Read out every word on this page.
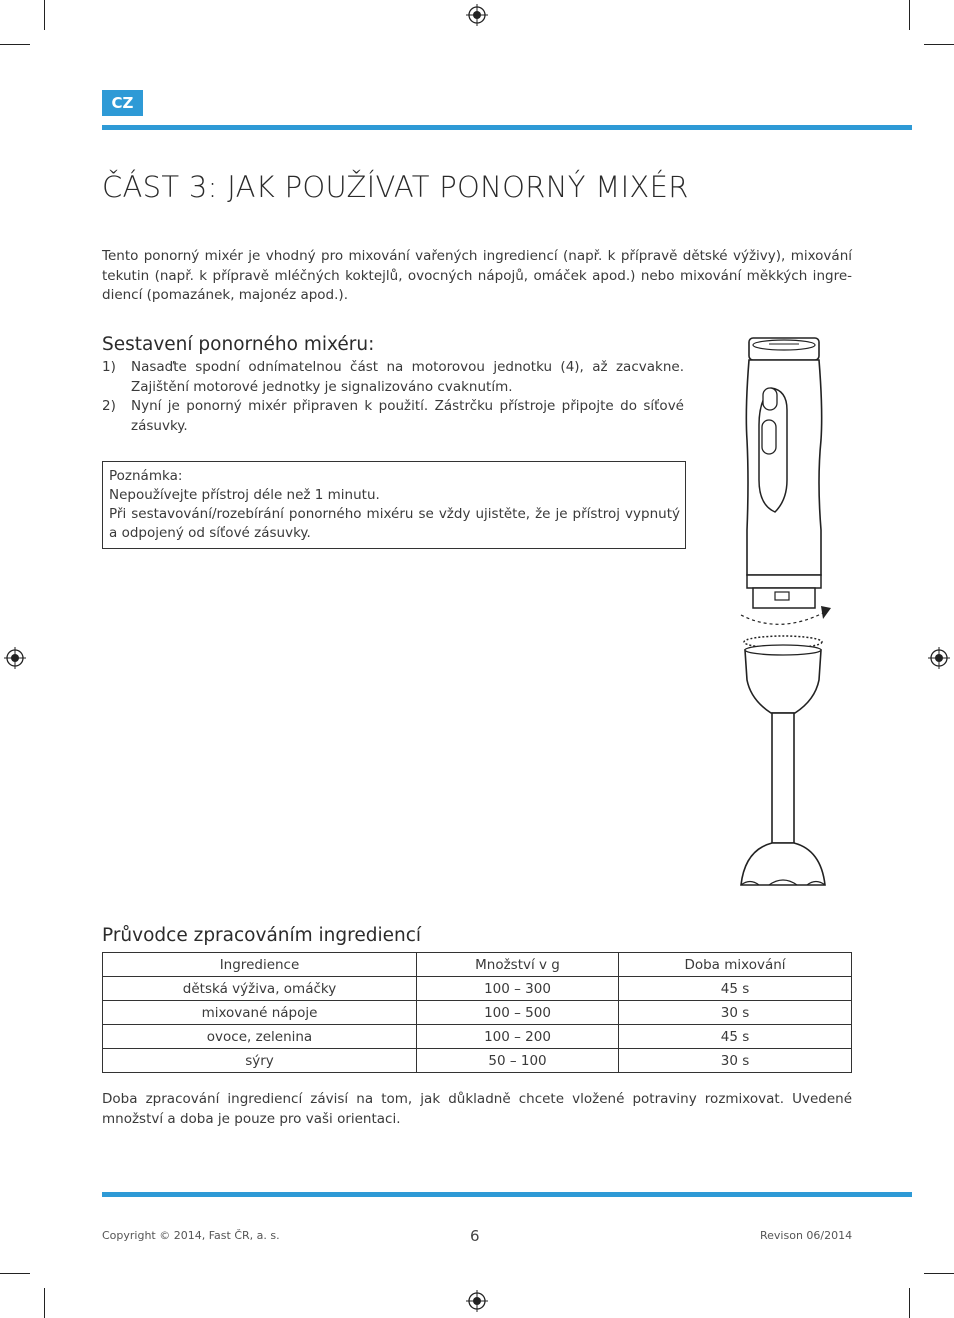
CZ
ČÁST 3: JAK POUŽÍVAT PONORNÝ MIXÉR
Tento ponorný mixér je vhodný pro mixování vařených ingrediencí (např. k přípravě dětské výživy), mixování tekutin (např. k přípravě mléčných koktejlů, ovocných nápojů, omáček apod.) nebo mixování měkkých ingre-diencí (pomazánek, majonéz apod.).
Sestavení ponorného mixéru:
1) Nasaďte spodní odnímatelnou část na motorovou jednotku (4), až zacvakne. Zajištění motorové jednotky je signalizováno cvaknutím.
2) Nyní je ponorný mixér připraven k použití. Zástrčku přístroje připojte do síťové zásuvky.
Poznámka:
Nepoužívejte přístroj déle než 1 minutu.
Při sestavování/rozebírání ponorného mixéru se vždy ujistěte, že je přístroj vypnutý a odpojený od síťové zásuvky.
Průvodce zpracováním ingrediencí
Ingredience	Množství v g	Doba mixování
dětská výživa, omáčky	100 – 300	45 s
mixované nápoje	100 – 500	30 s
ovoce, zelenina	100 – 200	45 s
sýry	50 – 100	30 s
Doba zpracování ingrediencí závisí na tom, jak důkladně chcete vložené potraviny rozmixovat. Uvedené množství a doba je pouze pro vaši orientaci.
Copyright © 2014, Fast ČR, a. s.	6	Revison 06/2014
